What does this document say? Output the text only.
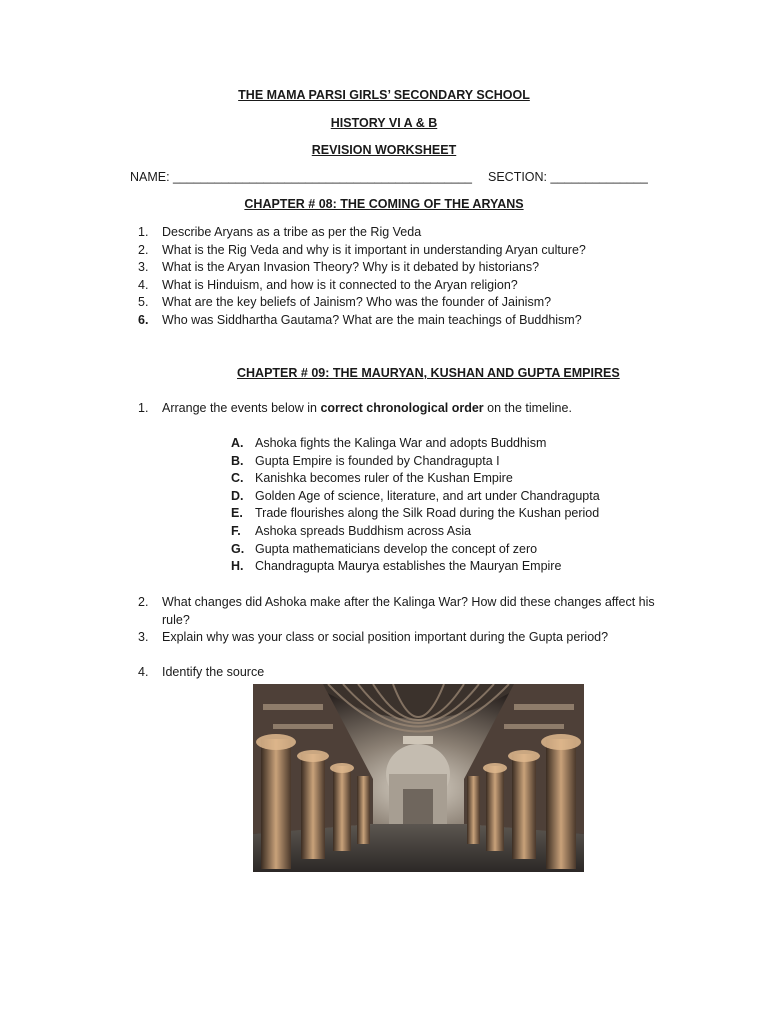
THE MAMA PARSI GIRLS’ SECONDARY SCHOOL
HISTORY VI A & B
REVISION WORKSHEET
NAME: ___________________________________________ SECTION: ______________
CHAPTER # 08: THE COMING OF THE ARYANS
1.	Describe Aryans as a tribe as per the Rig Veda
2.	What is the Rig Veda and why is it important in understanding Aryan culture?
3.	What is the Aryan Invasion Theory? Why is it debated by historians?
4.	What is Hinduism, and how is it connected to the Aryan religion?
5.	What are the key beliefs of Jainism? Who was the founder of Jainism?
6.	Who was Siddhartha Gautama? What are the main teachings of Buddhism?
CHAPTER # 09: THE MAURYAN, KUSHAN AND GUPTA EMPIRES
1.	Arrange the events below in correct chronological order on the timeline.
A. Ashoka fights the Kalinga War and adopts Buddhism
B. Gupta Empire is founded by Chandragupta I
C. Kanishka becomes ruler of the Kushan Empire
D. Golden Age of science, literature, and art under Chandragupta
E. Trade flourishes along the Silk Road during the Kushan period
F.	Ashoka spreads Buddhism across Asia
G. Gupta mathematicians develop the concept of zero
H. Chandragupta Maurya establishes the Mauryan Empire
2.	What changes did Ashoka make after the Kalinga War? How did these changes affect his rule?
3.	Explain why was your class or social position important during the Gupta period?
4.	Identify the source
